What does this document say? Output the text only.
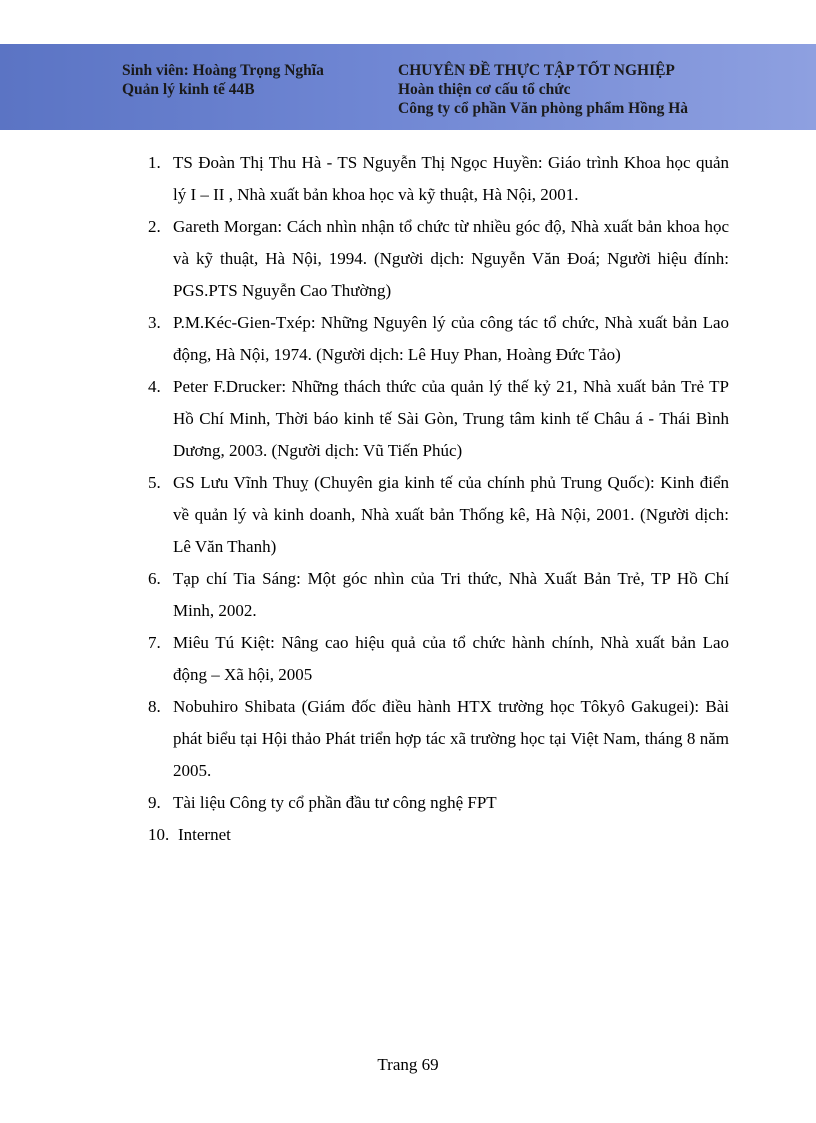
Sinh viên: Hoàng Trọng Nghĩa
Quản lý kinh tế 44B
CHUYÊN ĐỀ THỰC TẬP TỐT NGHIỆP
Hoàn thiện cơ cấu tổ chức
Công ty cổ phần Văn phòng phẩm Hồng Hà
1. TS Đoàn Thị Thu Hà - TS Nguyễn Thị Ngọc Huyền: Giáo trình Khoa học quản lý I – II , Nhà xuất bản khoa học và kỹ thuật, Hà Nội, 2001.
2. Gareth Morgan: Cách nhìn nhận tổ chức từ nhiều góc độ, Nhà xuất bản khoa học và kỹ thuật, Hà Nội, 1994. (Người dịch: Nguyễn Văn Đoá; Người hiệu đính: PGS.PTS Nguyễn Cao Thường)
3. P.M.Kéc-Gien-Txép: Những Nguyên lý của công tác tổ chức, Nhà xuất bản Lao động, Hà Nội, 1974. (Người dịch: Lê Huy Phan, Hoàng Đức Tảo)
4. Peter F.Drucker: Những thách thức của quản lý thế kỷ 21, Nhà xuất bản Trẻ TP Hồ Chí Minh, Thời báo kinh tế Sài Gòn, Trung tâm kinh tế Châu á - Thái Bình Dương, 2003. (Người dịch: Vũ Tiến Phúc)
5. GS Lưu Vĩnh Thuỵ (Chuyên gia kinh tế của chính phủ Trung Quốc): Kinh điển về quản lý và kinh doanh, Nhà xuất bản Thống kê, Hà Nội, 2001. (Người dịch: Lê Văn Thanh)
6. Tạp chí Tia Sáng: Một góc nhìn của Tri thức, Nhà Xuất Bản Trẻ, TP Hồ Chí Minh, 2002.
7. Miêu Tú Kiệt: Nâng cao hiệu quả của tổ chức hành chính, Nhà xuất bản Lao động – Xã hội, 2005
8. Nobuhiro Shibata (Giám đốc điều hành HTX trường học Tôkyô Gakugei): Bài phát biểu tại Hội thảo Phát triển hợp tác xã trường học tại Việt Nam, tháng 8 năm 2005.
9. Tài liệu Công ty cổ phần đầu tư công nghệ FPT
10. Internet
Trang 69
